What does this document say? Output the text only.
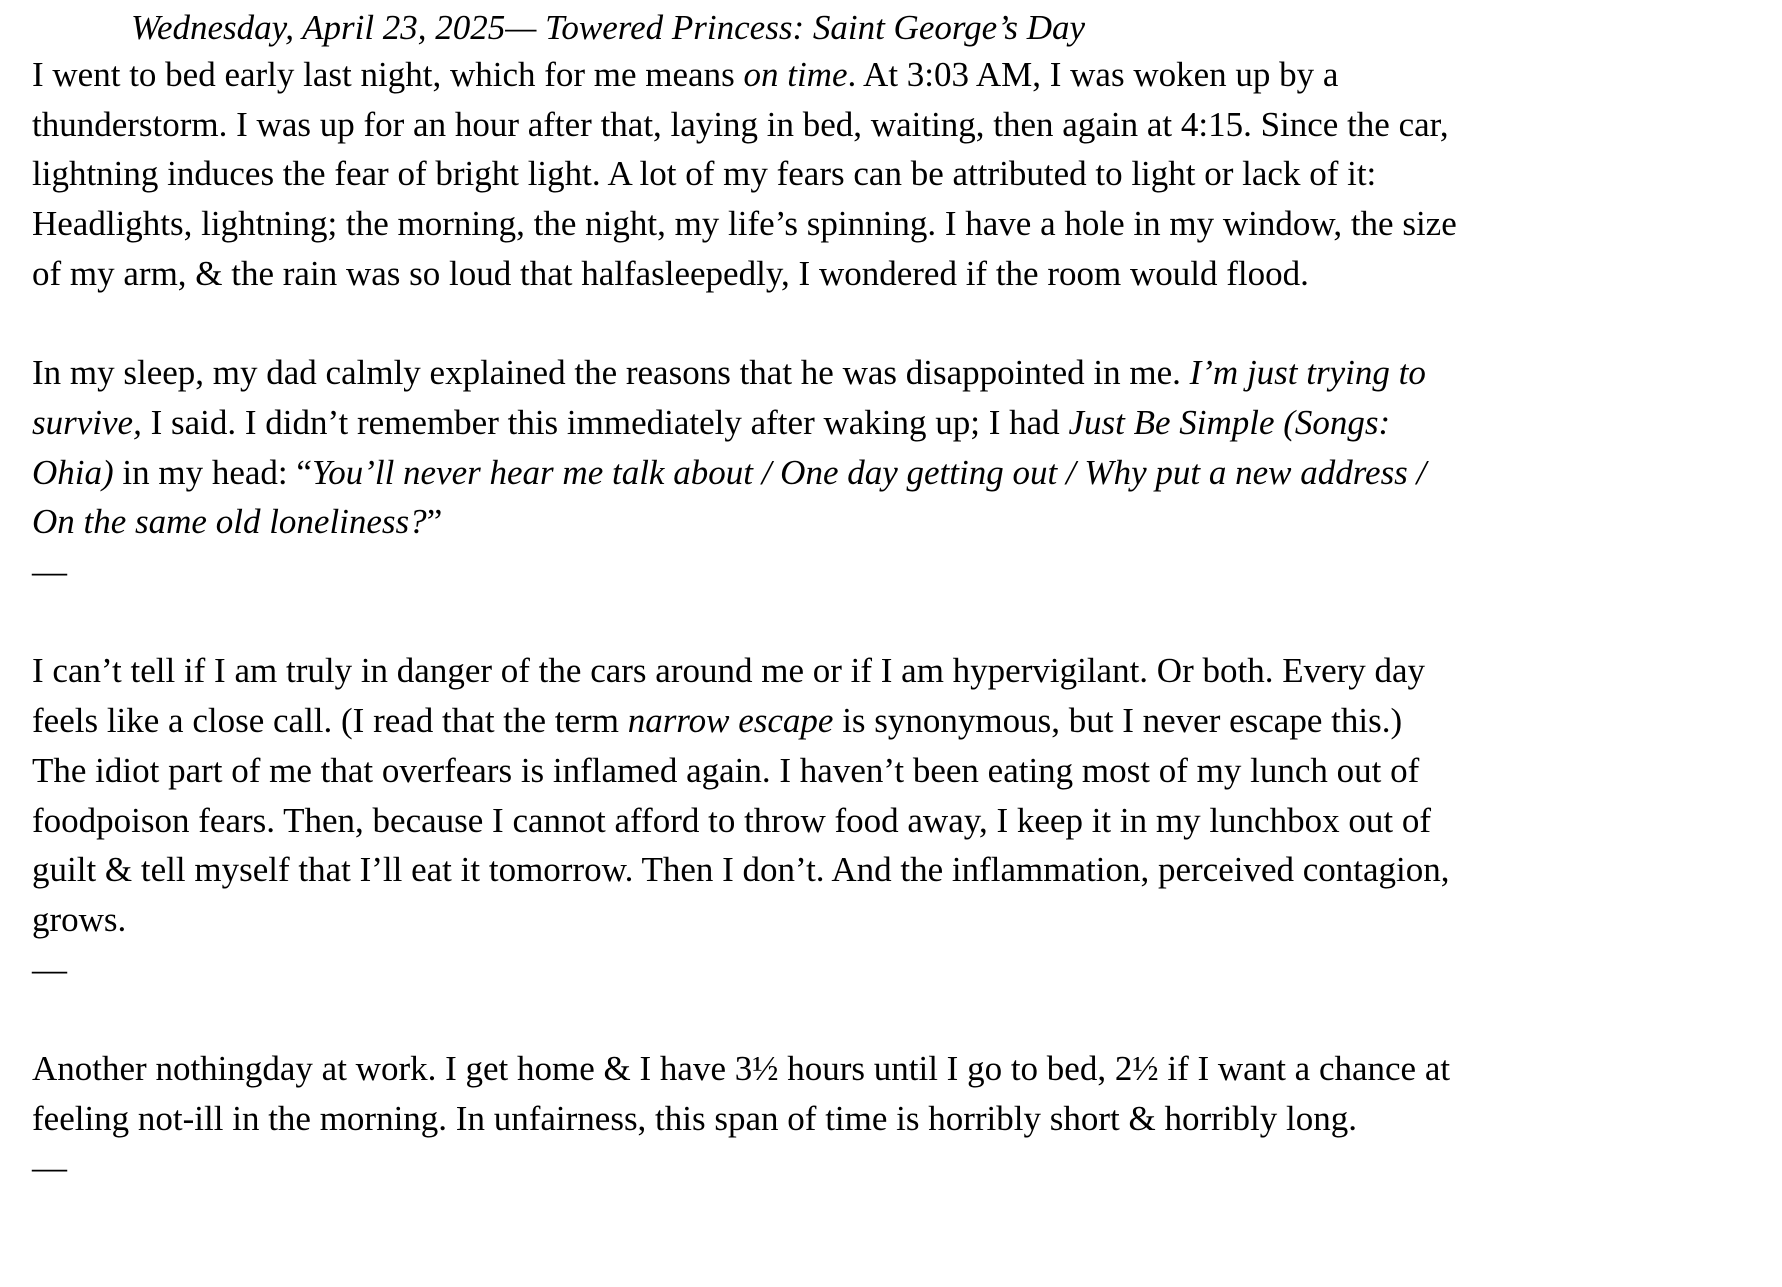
Wednesday, April 23, 2025— Towered Princess: Saint George’s Day

I went to bed early last night, which for me means on time. At 3:03 AM, I was woken up by a thunderstorm. I was up for an hour after that, laying in bed, waiting, then again at 4:15. Since the car, lightning induces the fear of bright light. A lot of my fears can be attributed to light or lack of it: Headlights, lightning; the morning, the night, my life’s spinning. I have a hole in my window, the size of my arm, & the rain was so loud that halfasleepedly, I wondered if the room would flood.

In my sleep, my dad calmly explained the reasons that he was disappointed in me. I’m just trying to survive, I said. I didn’t remember this immediately after waking up; I had Just Be Simple (Songs: Ohia) in my head: “You’ll never hear me talk about / One day getting out / Why put a new address / On the same old loneliness?”

—

I can’t tell if I am truly in danger of the cars around me or if I am hypervigilant. Or both. Every day feels like a close call. (I read that the term narrow escape is synonymous, but I never escape this.) The idiot part of me that overfears is inflamed again. I haven’t been eating most of my lunch out of foodpoison fears. Then, because I cannot afford to throw food away, I keep it in my lunchbox out of guilt & tell myself that I’ll eat it tomorrow. Then I don’t. And the inflammation, perceived contagion, grows.

—

Another nothingday at work. I get home & I have 3½ hours until I go to bed, 2½ if I want a chance at feeling not-ill in the morning. In unfairness, this span of time is horribly short & horribly long.

—
